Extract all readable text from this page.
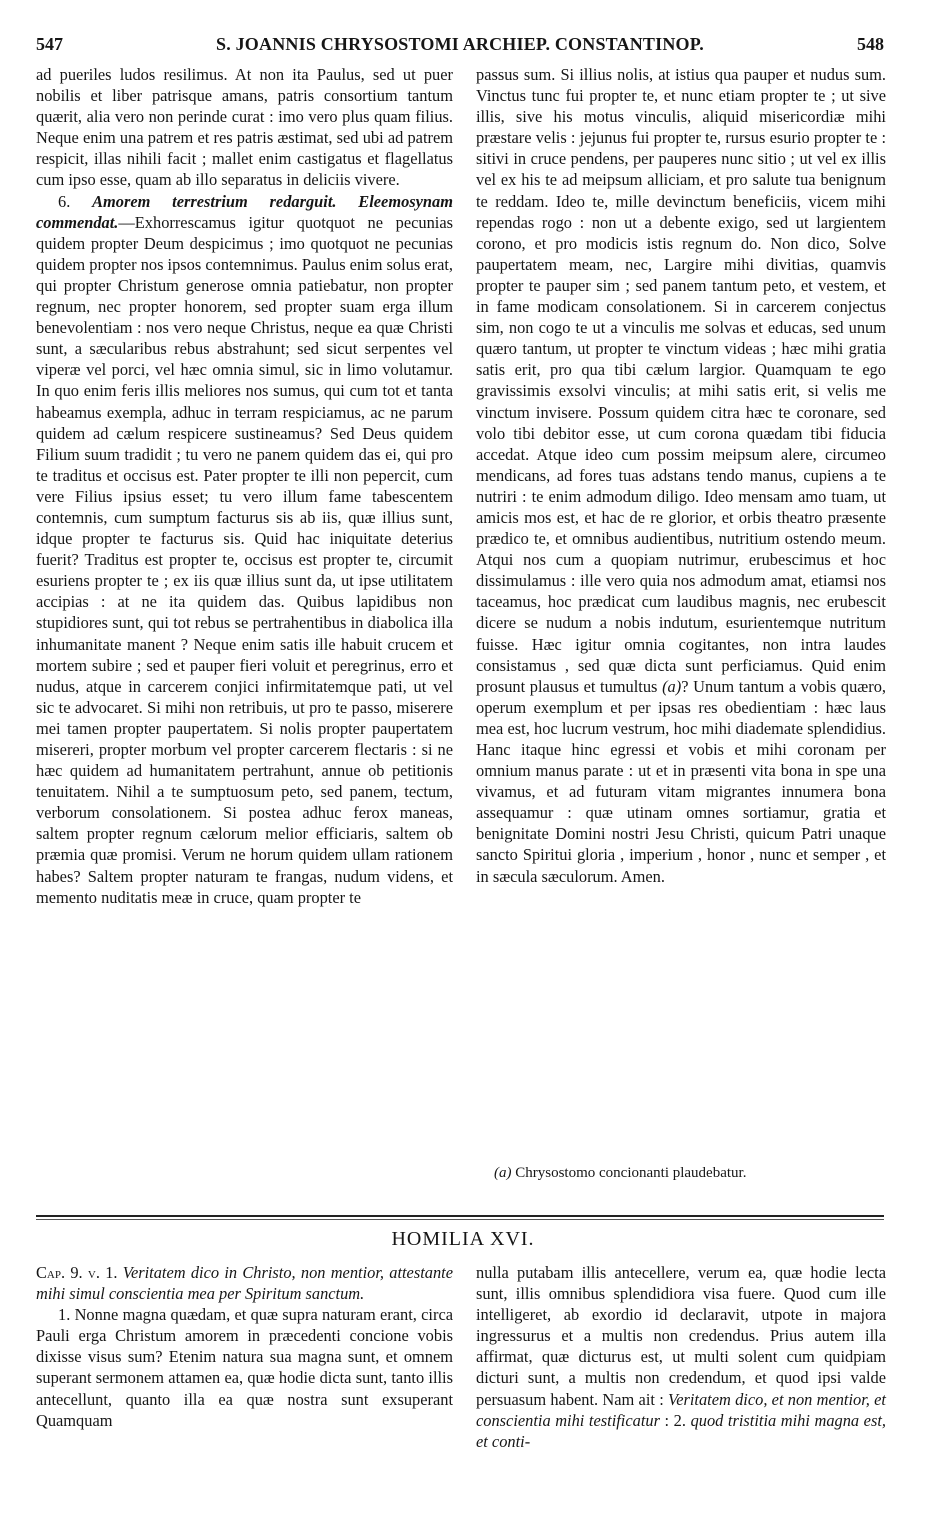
547	S. JOANNIS CHRYSOSTOMI ARCHIEP. CONSTANTINOP.	548

ad pueriles ludos resilimus. At non ita Paulus, sed ut puer nobilis et liber patrisque amans, patris consortium tantum quærit, alia vero non perinde curat : imo vero plus quam filius. Neque enim una patrem et res patris æstimat, sed ubi ad patrem respicit, illas nihili facit ; mallet enim castigatus et flagellatus cum ipso esse, quam ab illo separatus in deliciis vivere.

6. Amorem terrestrium redarguit. Eleemosynam commendat.—Exhorrescamus igitur quotquot ne pecunias quidem propter Deum despicimus ; imo quotquot ne pecunias quidem propter nos ipsos contemnimus. Paulus enim solus erat, qui propter Christum generose omnia patiebatur, non propter regnum, nec propter honorem, sed propter suam erga illum benevolentiam : nos vero neque Christus, neque ea quæ Christi sunt, a sæcularibus rebus abstrahunt; sed sicut serpentes vel viperæ vel porci, vel hæc omnia simul, sic in limo volutamur. In quo enim feris illis meliores nos sumus, qui cum tot et tanta habeamus exempla, adhuc in terram respiciamus, ac ne parum quidem ad cælum respicere sustineamus? Sed Deus quidem Filium suum tradidit ; tu vero ne panem quidem das ei, qui pro te traditus et occisus est. Pater propter te illi non pepercit, cum vere Filius ipsius esset; tu vero illum fame tabescentem contemnis, cum sumptum facturus sis ab iis, quæ illius sunt, idque propter te facturus sis. Quid hac iniquitate deterius fuerit? Traditus est propter te, occisus est propter te, circumit esuriens propter te ; ex iis quæ illius sunt da, ut ipse utilitatem accipias : at ne ita quidem das. Quibus lapidibus non stupidiores sunt, qui tot rebus se pertrahentibus in diabolica illa inhumanitate manent ? Neque enim satis ille habuit crucem et mortem subire ; sed et pauper fieri voluit et peregrinus, erro et nudus, atque in carcerem conjici infirmitatemque pati, ut vel sic te advocaret. Si mihi non retribuis, ut pro te passo, miserere mei tamen propter paupertatem. Si nolis propter paupertatem misereri, propter morbum vel propter carcerem flectaris : si ne hæc quidem ad humanitatem pertrahunt, annue ob petitionis tenuitatem. Nihil a te sumptuosum peto, sed panem, tectum, verborum consolationem. Si postea adhuc ferox maneas, saltem propter regnum cælorum melior efficiaris, saltem ob præmia quæ promisi. Verum ne horum quidem ullam rationem habes? Saltem propter naturam te frangas, nudum videns, et memento nuditatis meæ in cruce, quam propter te

passus sum. Si illius nolis, at istius qua pauper et nudus sum. Vinctus tunc fui propter te, et nunc etiam propter te ; ut sive illis, sive his motus vinculis, aliquid misericordiæ mihi præstare velis : jejunus fui propter te, rursus esurio propter te : sitivi in cruce pendens, per pauperes nunc sitio ; ut vel ex illis vel ex his te ad meipsum alliciam, et pro salute tua benignum te reddam. Ideo te, mille devinctum beneficiis, vicem mihi rependas rogo : non ut a debente exigo, sed ut largientem corono, et pro modicis istis regnum do. Non dico, Solve paupertatem meam, nec, Largire mihi divitias, quamvis propter te pauper sim ; sed panem tantum peto, et vestem, et in fame modicam consolationem. Si in carcerem conjectus sim, non cogo te ut a vinculis me solvas et educas, sed unum quæro tantum, ut propter te vinctum videas ; hæc mihi gratia satis erit, pro qua tibi cælum largior. Quamquam te ego gravissimis exsolvi vinculis; at mihi satis erit, si velis me vinctum invisere. Possum quidem citra hæc te coronare, sed volo tibi debitor esse, ut cum corona quædam tibi fiducia accedat. Atque ideo cum possim meipsum alere, circumeo mendicans, ad fores tuas adstans tendo manus, cupiens a te nutriri : te enim admodum diligo. Ideo mensam amo tuam, ut amicis mos est, et hac de re glorior, et orbis theatro præsente prædico te, et omnibus audientibus, nutritium ostendo meum. Atqui nos cum a quopiam nutrimur, erubescimus et hoc dissimulamus : ille vero quia nos admodum amat, etiamsi nos taceamus, hoc prædicat cum laudibus magnis, nec erubescit dicere se nudum a nobis indutum, esurientemque nutritum fuisse. Hæc igitur omnia cogitantes, non intra laudes consistamus , sed quæ dicta sunt perficiamus. Quid enim prosunt plausus et tumultus (a)? Unum tantum a vobis quæro, operum exemplum et per ipsas res obedientiam : hæc laus mea est, hoc lucrum vestrum, hoc mihi diademate splendidius. Hanc itaque hinc egressi et vobis et mihi coronam per omnium manus parate : ut et in præsenti vita bona in spe una vivamus, et ad futuram vitam migrantes innumera bona assequamur : quæ utinam omnes sortiamur, gratia et benignitate Domini nostri Jesu Christi, quicum Patri unaque sancto Spiritui gloria , imperium , honor , nunc et semper , et in sæcula sæculorum. Amen.

(a) Chrysostomo concionanti plaudebatur.
HOMILIA XVI.

Cap. 9. v. 1. Veritatem dico in Christo, non mentior, attestante mihi simul conscientia mea per Spiritum sanctum.

1. Nonne magna quædam, et quæ supra naturam erant, circa Pauli erga Christum amorem in præcedenti concione vobis dixisse visus sum? Etenim natura sua magna sunt, et omnem superant sermonem attamen ea, quæ hodie dicta sunt, tanto illis antecellunt, quanto illa ea quæ nostra sunt exsuperant Quamquam

nulla putabam illis antecellere, verum ea, quæ hodie lecta sunt, illis omnibus splendidiora visa fuere. Quod cum ille intelligeret, ab exordio id declaravit, utpote in majora ingressurus et a multis non credendus. Prius autem illa affirmat, quæ dicturus est, ut multi solent cum quidpiam dicturi sunt, a multis non credendum, et quod ipsi valde persuasum habent. Nam ait : Veritatem dico, et non mentior, et conscientia mihi testificatur : 2. quod tristitia mihi magna est, et conti-
